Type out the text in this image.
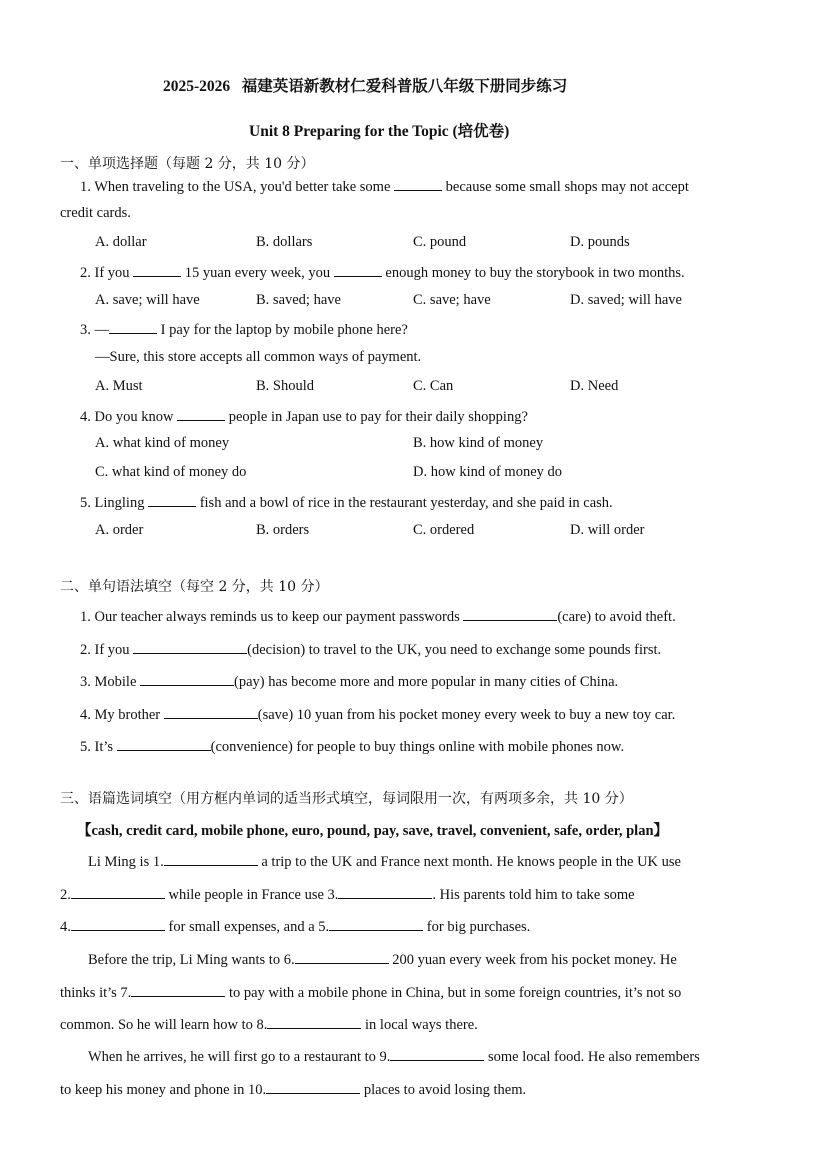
2025-2026 福建英语新教材仁爱科普版八年级下册同步练习
Unit 8 Preparing for the Topic (培优卷)
一、单项选择题（每题 2 分，共 10 分）
1. When traveling to the USA, you'd better take some	because some small shops may not accept
credit cards.
A. dollar	B. dollars	C. pound	D. pounds
2. If you	15 yuan every week, you	enough money to buy the storybook in two months.
A. save; will have	B. saved; have	C. save; have	D. saved; will have
3. —	I pay for the laptop by mobile phone here?
—Sure, this store accepts all common ways of payment.
A. Must	B. Should	C. Can	D. Need
4. Do you know	people in Japan use to pay for their daily shopping?
A. what kind of money	B. how kind of money
C. what kind of money do	D. how kind of money do
5. Lingling	fish and a bowl of rice in the restaurant yesterday, and she paid in cash.
A. order	B. orders	C. ordered	D. will order
二、单句语法填空（每空 2 分，共 10 分）
1. Our teacher always reminds us to keep our payment passwords	(care) to avoid theft.
2. If you	(decision) to travel to the UK, you need to exchange some pounds first.
3. Mobile	(pay) has become more and more popular in many cities of China.
4. My brother	(save) 10 yuan from his pocket money every week to buy a new toy car.
5. It’s	(convenience) for people to buy things online with mobile phones now.
三、语篇选词填空（用方框内单词的适当形式填空，每词限用一次，有两项多余，共 10 分）
【cash, credit card, mobile phone, euro, pound, pay, save, travel, convenient, safe, order, plan】
Li Ming is 1.	a trip to the UK and France next month. He knows people in the UK use
2.	while people in France use 3.	. His parents told him to take some
4.	for small expenses, and a 5.	for big purchases.
Before the trip, Li Ming wants to 6.	200 yuan every week from his pocket money. He
thinks it’s 7.	to pay with a mobile phone in China, but in some foreign countries, it’s not so
common. So he will learn how to 8.	in local ways there.
When he arrives, he will first go to a restaurant to 9.	some local food. He also remembers
to keep his money and phone in 10.	places to avoid losing them.
